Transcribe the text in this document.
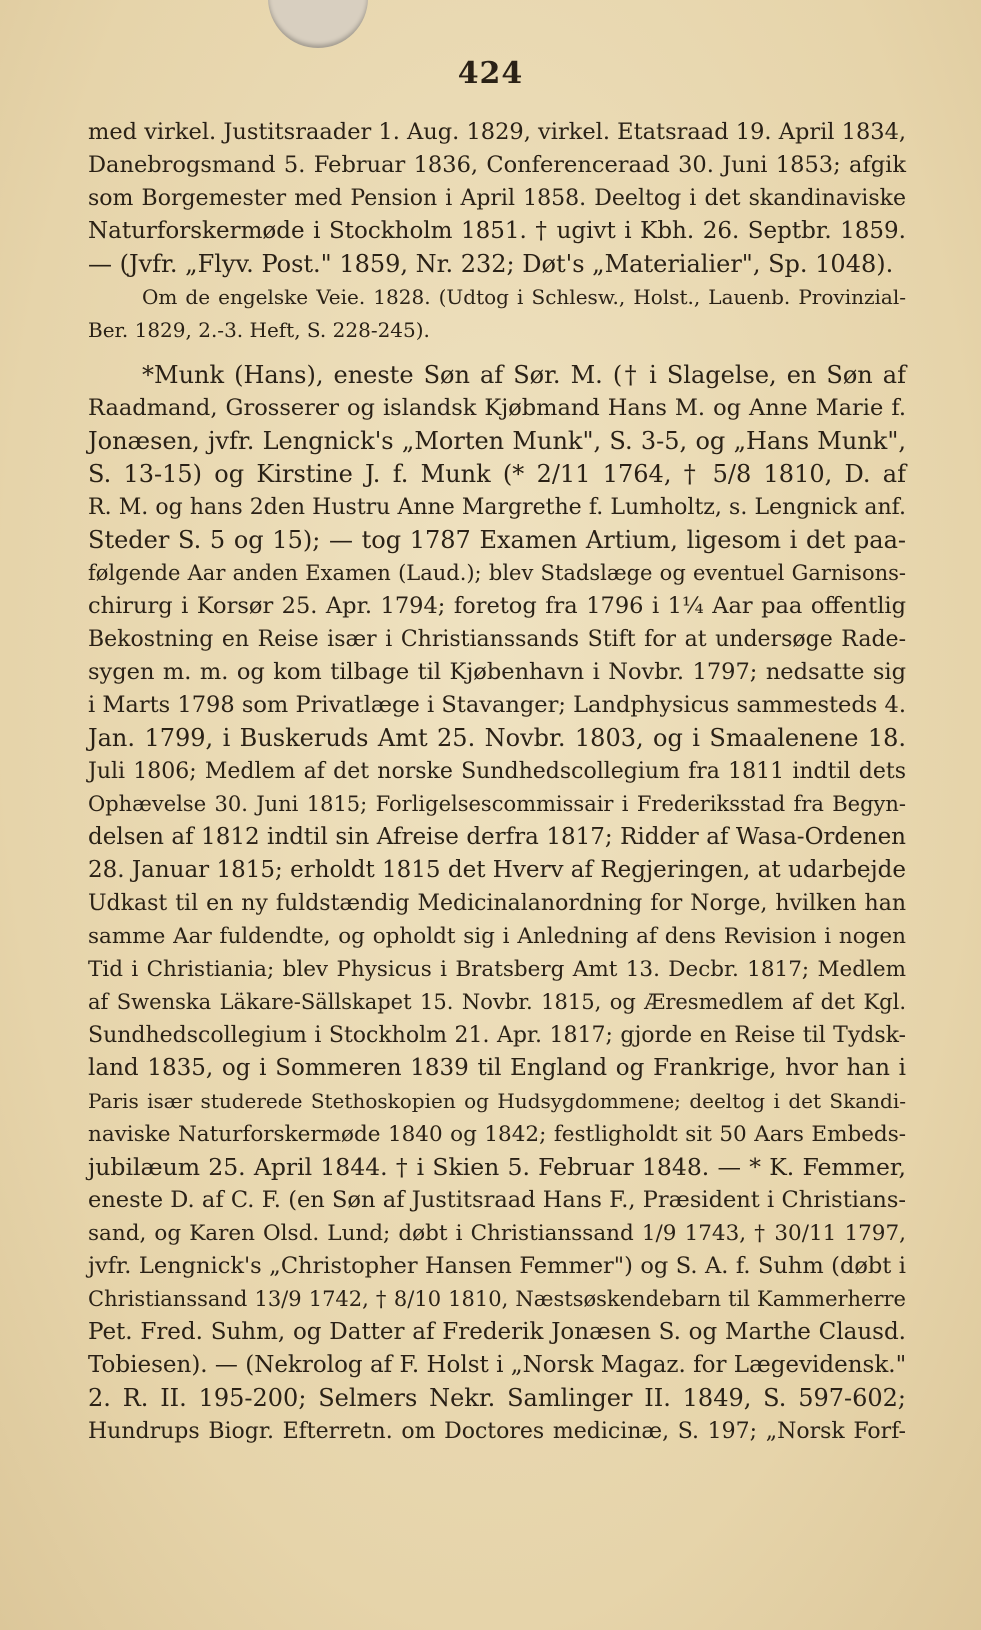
424
med virkel. Justitsraader 1. Aug. 1829, virkel. Etatsraad 19. April 1834,
Danebrogsmand 5. Februar 1836, Conferenceraad 30. Juni 1853; afgik
som Borgemester med Pension i April 1858. Deeltog i det skandinaviske
Naturforskermøde i Stockholm 1851. † ugivt i Kbh. 26. Septbr. 1859.
— (Jvfr. „Flyv. Post." 1859, Nr. 232; Døt's „Materialier", Sp. 1048).
Om de engelske Veie. 1828. (Udtog i Schlesw., Holst., Lauenb. Provinzial-
Ber. 1829, 2.-3. Heft, S. 228-245).
*Munk (Hans), eneste Søn af Sør. M. († i Slagelse, en Søn af
Raadmand, Grosserer og islandsk Kjøbmand Hans M. og Anne Marie f.
Jonæsen, jvfr. Lengnick's „Morten Munk", S. 3-5, og „Hans Munk",
S. 13-15) og Kirstine J. f. Munk (* 2/11 1764, † 5/8 1810, D. af
R. M. og hans 2den Hustru Anne Margrethe f. Lumholtz, s. Lengnick anf.
Steder S. 5 og 15); — tog 1787 Examen Artium, ligesom i det paa-
følgende Aar anden Examen (Laud.); blev Stadslæge og eventuel Garnisons-
chirurg i Korsør 25. Apr. 1794; foretog fra 1796 i 1¼ Aar paa offentlig
Bekostning en Reise især i Christianssands Stift for at undersøge Rade-
sygen m. m. og kom tilbage til Kjøbenhavn i Novbr. 1797; nedsatte sig
i Marts 1798 som Privatlæge i Stavanger; Landphysicus sammesteds 4.
Jan. 1799, i Buskeruds Amt 25. Novbr. 1803, og i Smaalenene 18.
Juli 1806; Medlem af det norske Sundhedscollegium fra 1811 indtil dets
Ophævelse 30. Juni 1815; Forligelsescommissair i Frederiksstad fra Begyn-
delsen af 1812 indtil sin Afreise derfra 1817; Ridder af Wasa-Ordenen
28. Januar 1815; erholdt 1815 det Hverv af Regjeringen, at udarbejde
Udkast til en ny fuldstændig Medicinalanordning for Norge, hvilken han
samme Aar fuldendte, og opholdt sig i Anledning af dens Revision i nogen
Tid i Christiania; blev Physicus i Bratsberg Amt 13. Decbr. 1817; Medlem
af Swenska Läkare-Sällskapet 15. Novbr. 1815, og Æresmedlem af det Kgl.
Sundhedscollegium i Stockholm 21. Apr. 1817; gjorde en Reise til Tydsk-
land 1835, og i Sommeren 1839 til England og Frankrige, hvor han i
Paris især studerede Stethoskopien og Hudsygdommene; deeltog i det Skandi-
naviske Naturforskermøde 1840 og 1842; festligholdt sit 50 Aars Embeds-
jubilæum 25. April 1844. † i Skien 5. Februar 1848. — * K. Femmer,
eneste D. af C. F. (en Søn af Justitsraad Hans F., Præsident i Christians-
sand, og Karen Olsd. Lund; døbt i Christianssand 1/9 1743, † 30/11 1797,
jvfr. Lengnick's „Christopher Hansen Femmer") og S. A. f. Suhm (døbt i
Christianssand 13/9 1742, † 8/10 1810, Næstsøskendebarn til Kammerherre
Pet. Fred. Suhm, og Datter af Frederik Jonæsen S. og Marthe Clausd.
Tobiesen). — (Nekrolog af F. Holst i „Norsk Magaz. for Lægevidensk."
2. R. II. 195-200; Selmers Nekr. Samlinger II. 1849, S. 597-602;
Hundrups Biogr. Efterretn. om Doctores medicinæ, S. 197; „Norsk Forf-
